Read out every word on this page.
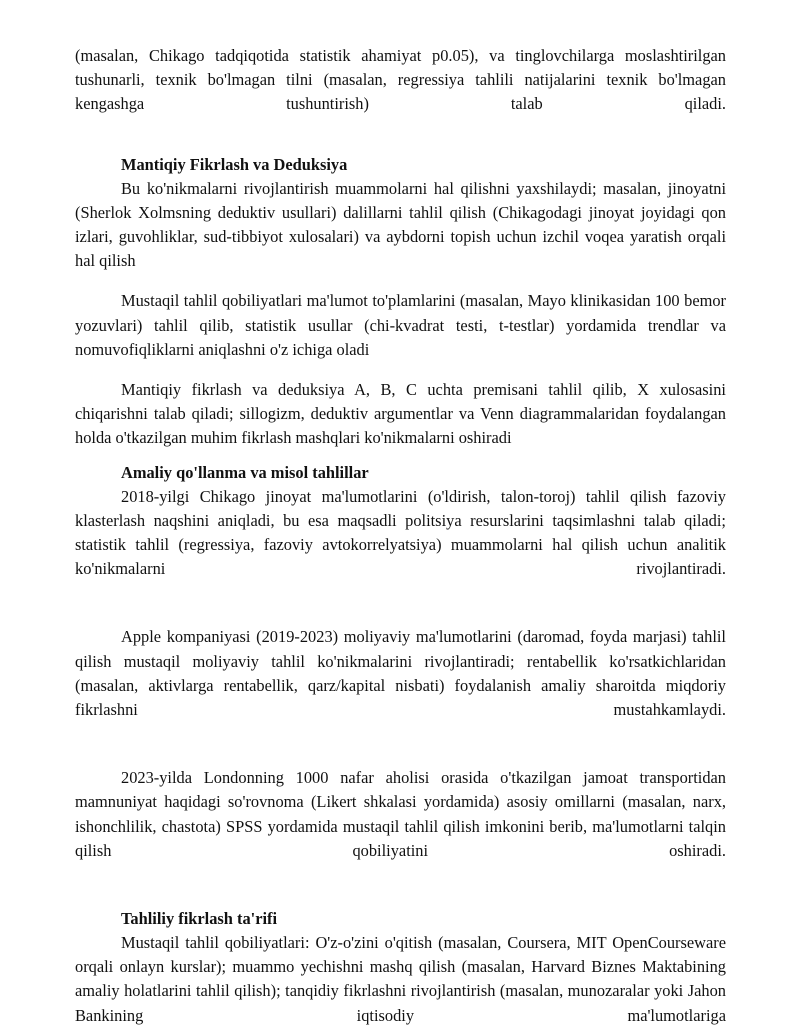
(masalan, Chikago tadqiqotida statistik ahamiyat p0.05), va tinglovchilarga moslashtirilgan tushunarli, texnik bo'lmagan tilni (masalan, regressiya tahlili natijalarini texnik bo'lmagan kengashga tushuntirish) talab qiladi.

Mantiqiy Fikrlash va Deduksiya

Bu ko'nikmalarni rivojlantirish muammolarni hal qilishni yaxshilaydi; masalan, jinoyatni (Sherlok Xolmsning deduktiv usullari) dalillarni tahlil qilish (Chikagodagi jinoyat joyidagi qon izlari, guvohliklar, sud-tibbiyot xulosalari) va aybdorni topish uchun izchil voqea yaratish orqali hal qilish

Mustaqil tahlil qobiliyatlari ma'lumot to'plamlarini (masalan, Mayo klinikasidan 100 bemor yozuvlari) tahlil qilib, statistik usullar (chi-kvadrat testi, t-testlar) yordamida trendlar va nomuvofiqliklarni aniqlashni o'z ichiga oladi

Mantiqiy fikrlash va deduksiya A, B, C uchta premisani tahlil qilib, X xulosasini chiqarishni talab qiladi; sillogizm, deduktiv argumentlar va Venn diagrammalaridan foydalangan holda o'tkazilgan muhim fikrlash mashqlari ko'nikmalarni oshiradi

Amaliy qo'llanma va misol tahlillar

2018-yilgi Chikago jinoyat ma'lumotlarini (o'ldirish, talon-toroj) tahlil qilish fazoviy klasterlash naqshini aniqladi, bu esa maqsadli politsiya resurslarini taqsimlashni talab qiladi; statistik tahlil (regressiya, fazoviy avtokorrelyatsiya) muammolarni hal qilish uchun analitik ko'nikmalarni rivojlantiradi.

Apple kompaniyasi (2019-2023) moliyaviy ma'lumotlarini (daromad, foyda marjasi) tahlil qilish mustaqil moliyaviy tahlil ko'nikmalarini rivojlantiradi; rentabellik ko'rsatkichlaridan (masalan, aktivlarga rentabellik, qarz/kapital nisbati) foydalanish amaliy sharoitda miqdoriy fikrlashni mustahkamlaydi.

2023-yilda Londonning 1000 nafar aholisi orasida o'tkazilgan jamoat transportidan mamnuniyat haqidagi so'rovnoma (Likert shkalasi yordamida) asosiy omillarni (masalan, narx, ishonchlilik, chastota) SPSS yordamida mustaqil tahlil qilish imkonini berib, ma'lumotlarni talqin qilish qobiliyatini oshiradi.

Tahliliy fikrlash ta'rifi

Mustaqil tahlil qobiliyatlari: O'z-o'zini o'qitish (masalan, Coursera, MIT OpenCourseware orqali onlayn kurslar); muammo yechishni mashq qilish (masalan, Harvard Biznes Maktabining amaliy holatlarini tahlil qilish); tanqidiy fikrlashni rivojlantirish (masalan, munozaralar yoki Jahon Bankining iqtisodiy ma'lumotlariga
